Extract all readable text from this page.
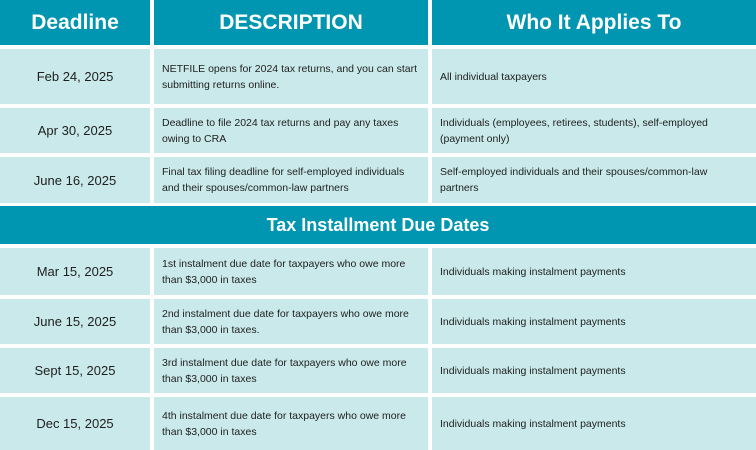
Deadline	DESCRIPTION	Who It Applies To
Feb 24, 2025
NETFILE opens for 2024 tax returns, and you can start submitting returns online.
All individual taxpayers
Apr 30, 2025
Deadline to file 2024 tax returns and pay any taxes owing to CRA
Individuals (employees, retirees, students), self-employed (payment only)
June 16, 2025
Final tax filing deadline for self-employed individuals and their spouses/common-law partners
Self-employed individuals and their spouses/common-law partners
Tax Installment Due Dates
Mar 15, 2025
1st instalment due date for taxpayers who owe more than $3,000 in taxes
Individuals making instalment payments
June 15, 2025
2nd instalment due date for taxpayers who owe more than $3,000 in taxes.
Individuals making instalment payments
Sept 15, 2025
3rd instalment due date for taxpayers who owe more than $3,000 in taxes
Individuals making instalment payments
Dec 15, 2025
4th instalment due date for taxpayers who owe more than $3,000 in taxes
Individuals making instalment payments
